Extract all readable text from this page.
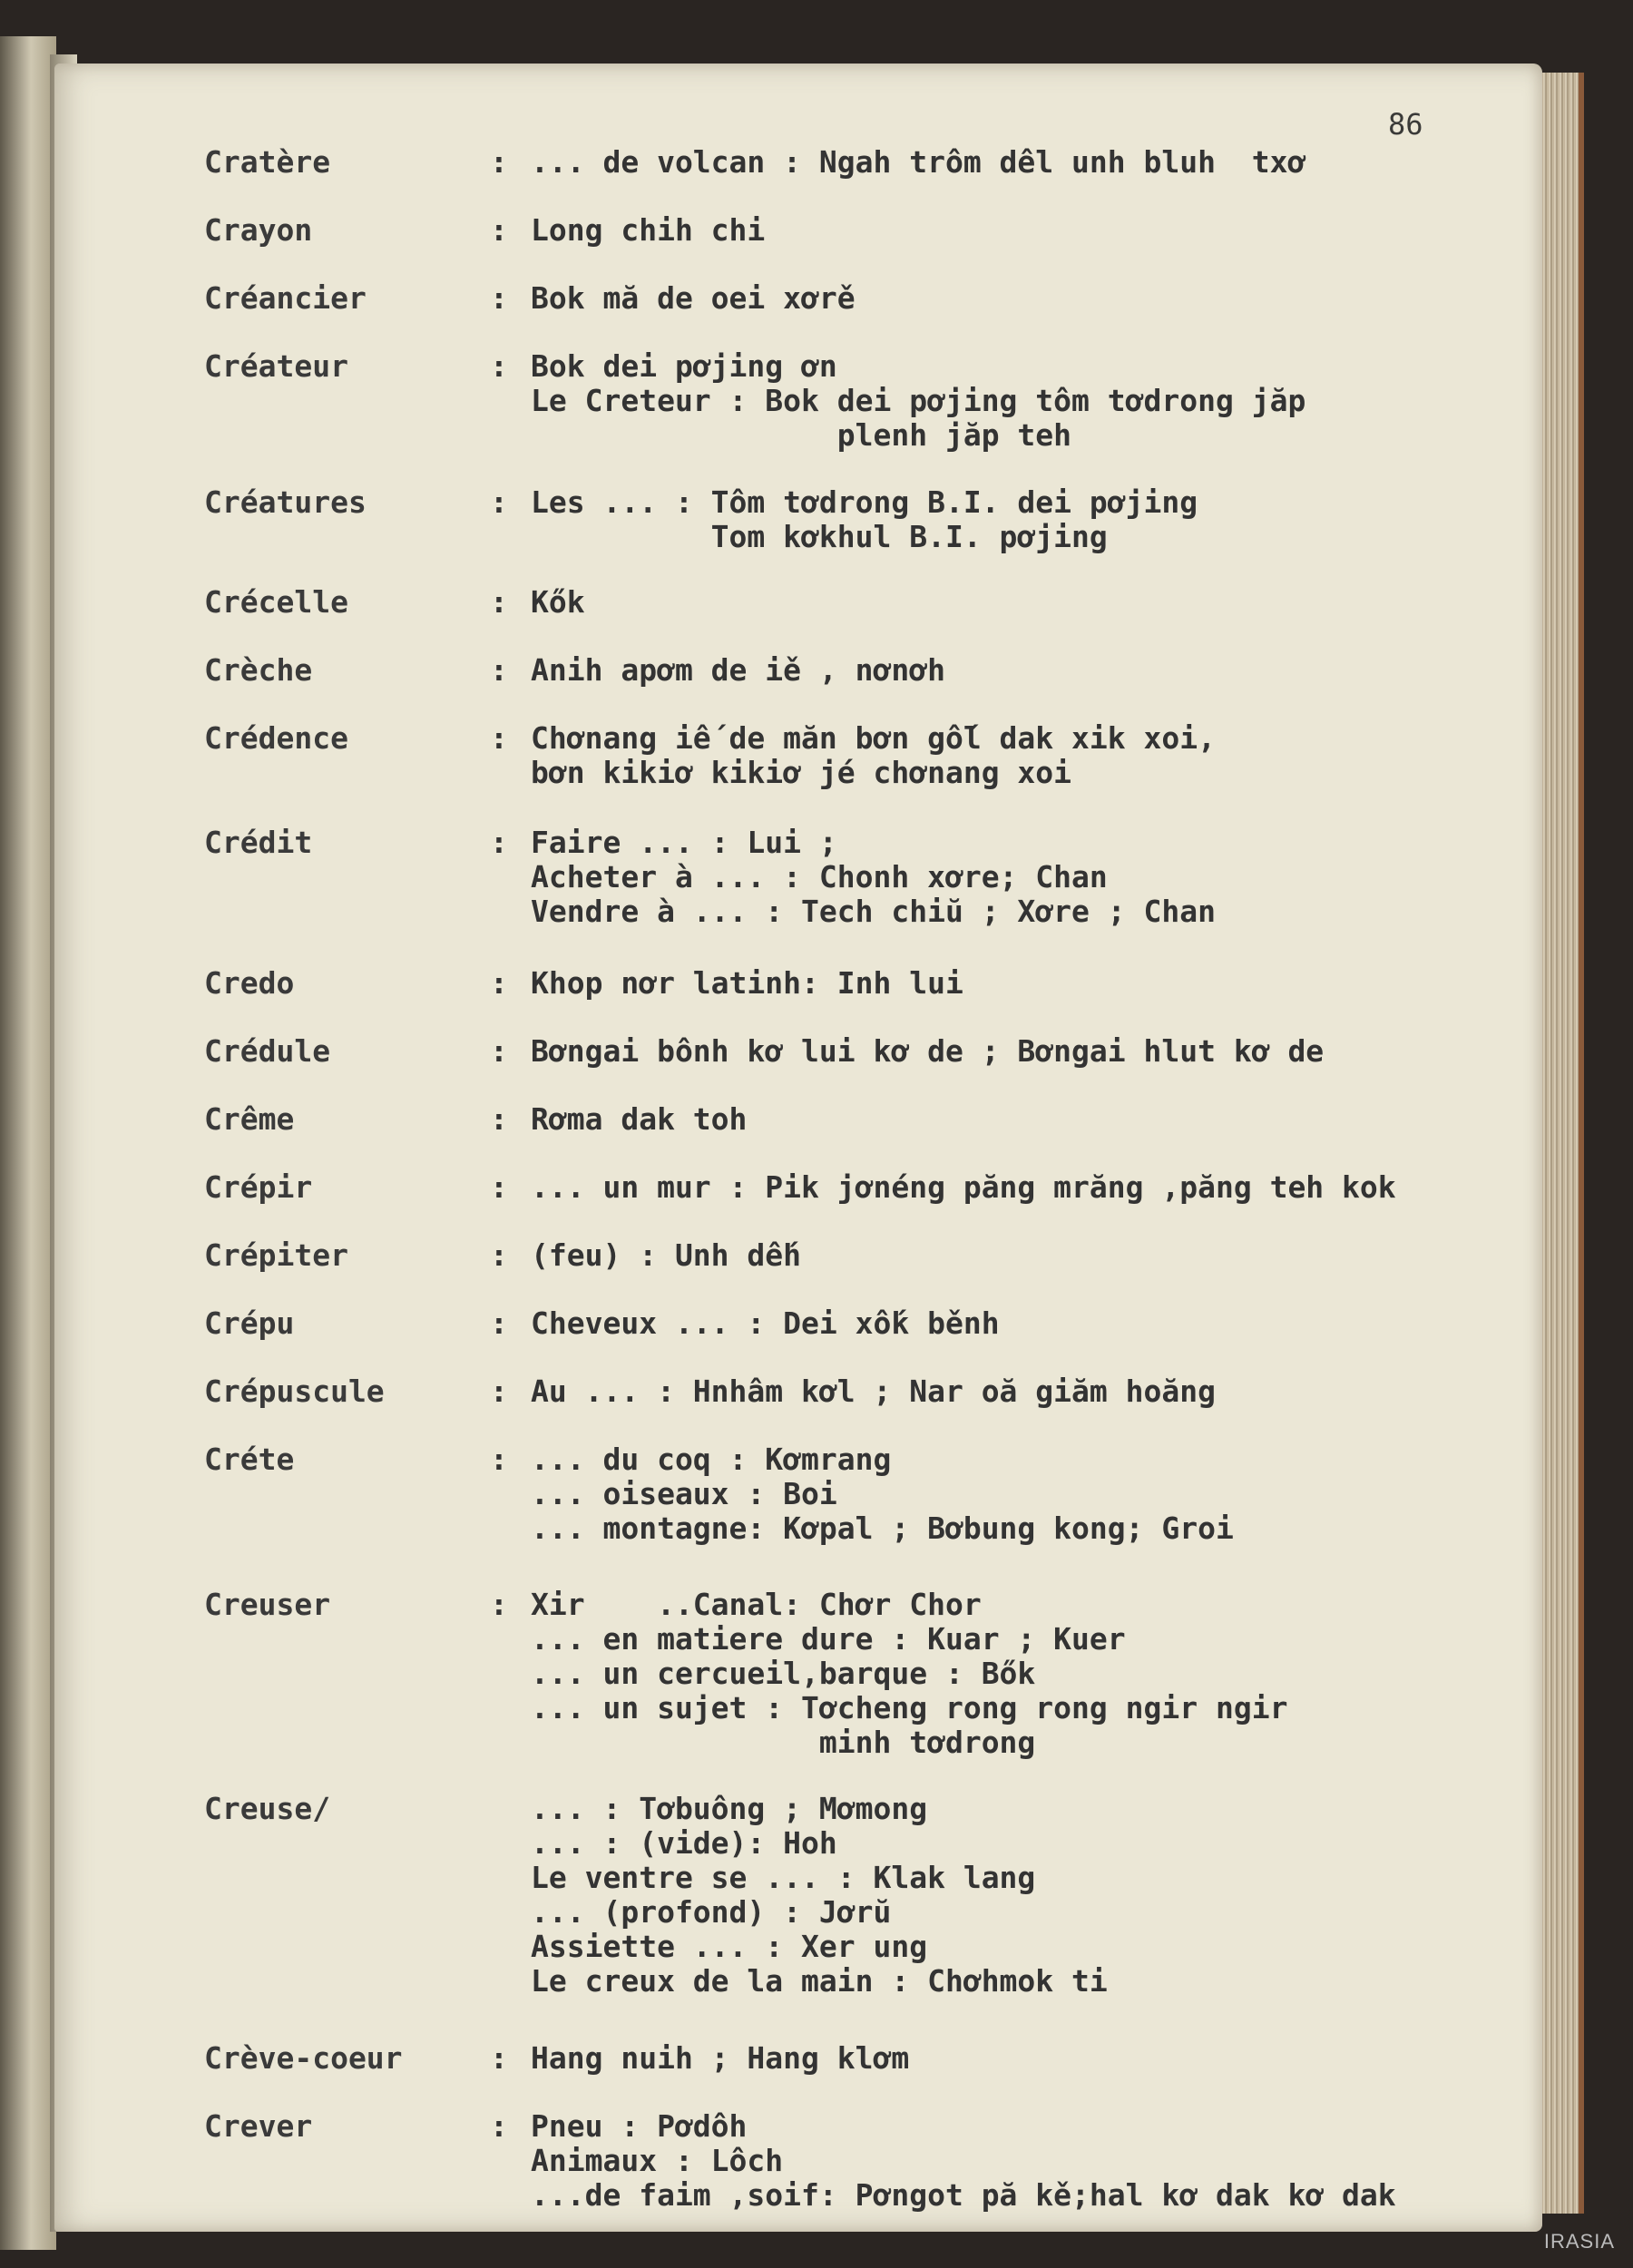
86
Cratère	: ... de volcan : Ngah trôm dêl unh bluh  txơ
Crayon	: Long chih chi
Créancier	: Bok mă de oei xơrě
Créateur	: Bok dei pơjing ơn
Le Creteur : Bok dei pơjing tôm tơdrong jăp
plenh jăp teh
Créatures	: Les ... : Tôm tơdrong B.I. dei pơjing
Tom kơkhul B.I. pơjing
Crécelle	: Kők
Crèche	: Anih apơm de iě , nơnơh
Crédence	: Chơnang iế de măn bơn gốl dak xik xoi,
bơn kikiơ kikiơ jé chơnang xoi
Crédit	: Faire ... : Lui ;
Acheter à ... : Chonh xơre; Chan
Vendre à ... : Tech chiŭ ; Xơre ; Chan
Credo	: Khop nơr latinh: Inh lui
Crédule	: Bơngai bônh kơ lui kơ de ; Bơngai hlut kơ de
Crême	: Rơma dak toh
Crépir	: ... un mur : Pik jơnéng păng mrăng ,păng teh kok
Crépiter	: (feu) : Unh dếh
Crépu	: Cheveux ... : Dei xốk běnh
Crépuscule	: Au ... : Hnhâm kơl ; Nar oă giăm hoăng
Créte	: ... du coq : Kơmrang
... oiseaux : Boi
... montagne: Kơpal ; Bơbung kong; Groi
Creuser	: Xir    ..Canal: Chơr Chor
... en matiere dure : Kuar ; Kuer
... un cercueil,barque : Bők
... un sujet : Tơcheng rong rong ngir ngir
minh tơdrong
Creuse/	... : Tơbuông ; Mơmong
... : (vide): Hoh
Le ventre se ... : Klak lang
... (profond) : Jơrŭ
Assiette ... : Xer ung
Le creux de la main : Chơhmok ti
Crève-coeur	: Hang nuih ; Hang klơm
Crever	: Pneu : Pơdôh
Animaux : Lôch
...de faim ,soif: Pơngot pă kě;hal kơ dak kơ dak
IRASIA
